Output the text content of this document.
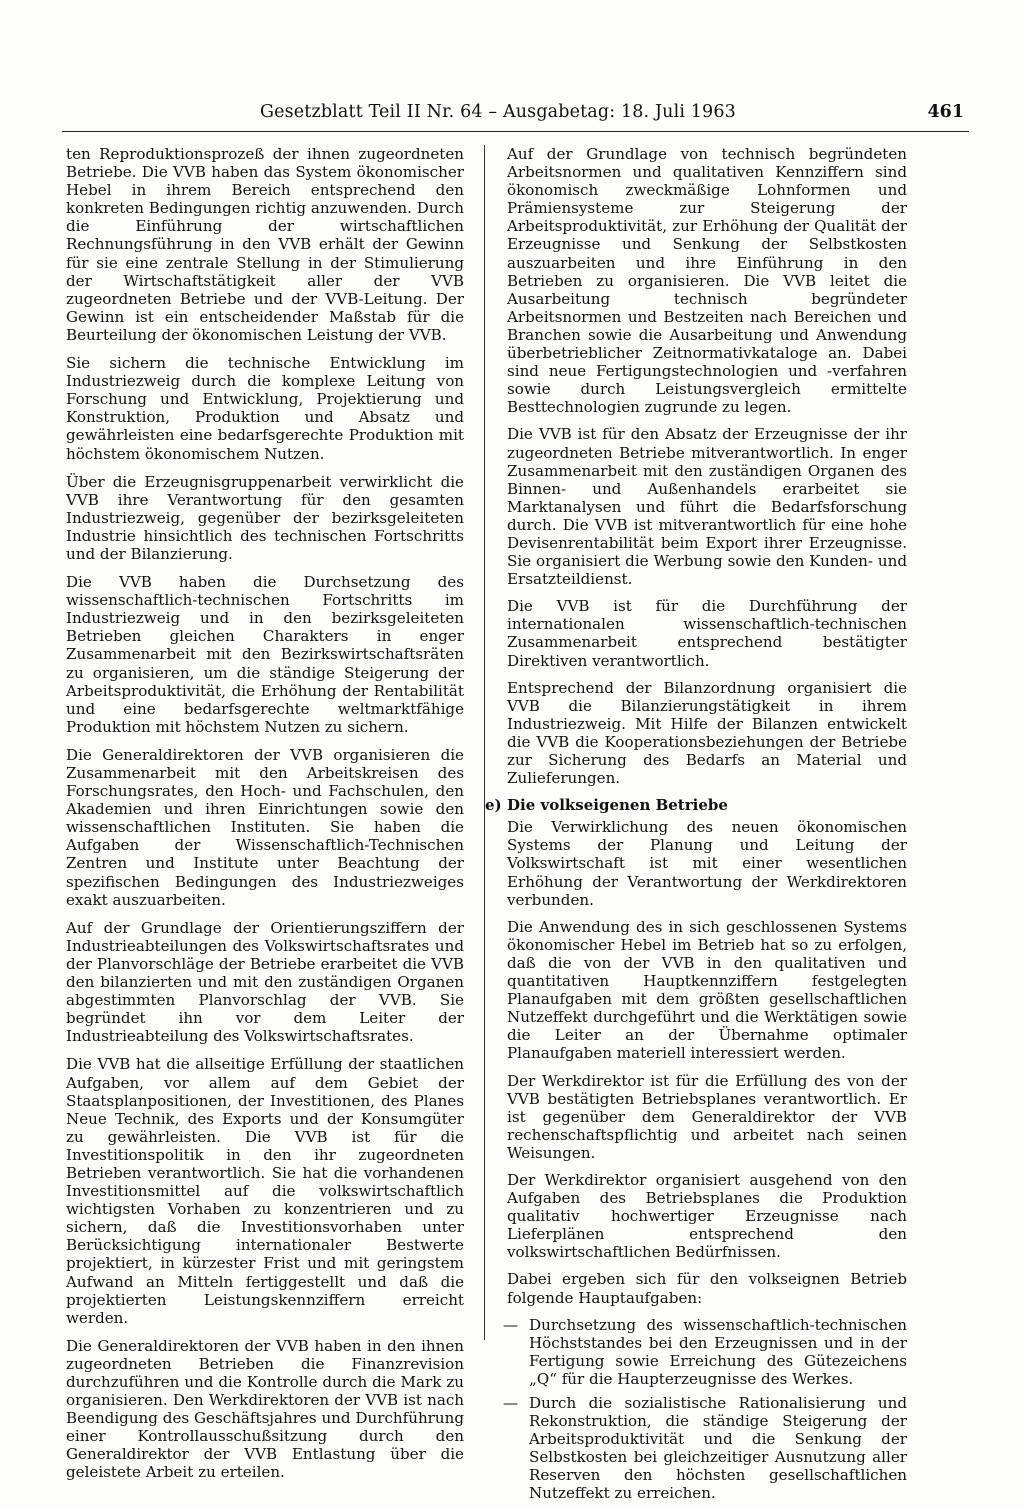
Gesetzblatt Teil II Nr. 64 – Ausgabetag: 18. Juli 1963	461

ten Reproduktionsprozeß der ihnen zugeordneten Betriebe. Die VVB haben das System ökonomischer Hebel in ihrem Bereich entsprechend den konkreten Bedingungen richtig anzuwenden. Durch die Einführung der wirtschaftlichen Rechnungsführung in den VVB erhält der Gewinn für sie eine zentrale Stellung in der Stimulierung der Wirtschaftstätigkeit aller der VVB zugeordneten Betriebe und der VVB-Leitung. Der Gewinn ist ein entscheidender Maßstab für die Beurteilung der ökonomischen Leistung der VVB.

Sie sichern die technische Entwicklung im Industriezweig durch die komplexe Leitung von Forschung und Entwicklung, Projektierung und Konstruktion, Produktion und Absatz und gewährleisten eine bedarfsgerechte Produktion mit höchstem ökonomischem Nutzen.

Über die Erzeugnisgruppenarbeit verwirklicht die VVB ihre Verantwortung für den gesamten Industriezweig, gegenüber der bezirksgeleiteten Industrie hinsichtlich des technischen Fortschritts und der Bilanzierung.

Die VVB haben die Durchsetzung des wissenschaftlich-technischen Fortschritts im Industriezweig und in den bezirksgeleiteten Betrieben gleichen Charakters in enger Zusammenarbeit mit den Bezirkswirtschaftsräten zu organisieren, um die ständige Steigerung der Arbeitsproduktivität, die Erhöhung der Rentabilität und eine bedarfsgerechte weltmarktfähige Produktion mit höchstem Nutzen zu sichern.

Die Generaldirektoren der VVB organisieren die Zusammenarbeit mit den Arbeitskreisen des Forschungsrates, den Hoch- und Fachschulen, den Akademien und ihren Einrichtungen sowie den wissenschaftlichen Instituten. Sie haben die Aufgaben der Wissenschaftlich-Technischen Zentren und Institute unter Beachtung der spezifischen Bedingungen des Industriezweiges exakt auszuarbeiten.

Auf der Grundlage der Orientierungsziffern der Industrieabteilungen des Volkswirtschaftsrates und der Planvorschläge der Betriebe erarbeitet die VVB den bilanzierten und mit den zuständigen Organen abgestimmten Planvorschlag der VVB. Sie begründet ihn vor dem Leiter der Industrieabteilung des Volkswirtschaftsrates.

Die VVB hat die allseitige Erfüllung der staatlichen Aufgaben, vor allem auf dem Gebiet der Staatsplanpositionen, der Investitionen, des Planes Neue Technik, des Exports und der Konsumgüter zu gewährleisten. Die VVB ist für die Investitionspolitik in den ihr zugeordneten Betrieben verantwortlich. Sie hat die vorhandenen Investitionsmittel auf die volkswirtschaftlich wichtigsten Vorhaben zu konzentrieren und zu sichern, daß die Investitionsvorhaben unter Berücksichtigung internationaler Bestwerte projektiert, in kürzester Frist und mit geringstem Aufwand an Mitteln fertiggestellt und daß die projektierten Leistungskennziffern erreicht werden.

Die Generaldirektoren der VVB haben in den ihnen zugeordneten Betrieben die Finanzrevision durchzuführen und die Kontrolle durch die Mark zu organisieren. Den Werkdirektoren der VVB ist nach Beendigung des Geschäftsjahres und Durchführung einer Kontrollausschußsitzung durch den Generaldirektor der VVB Entlastung über die geleistete Arbeit zu erteilen.

Auf der Grundlage von technisch begründeten Arbeitsnormen und qualitativen Kennziffern sind ökonomisch zweckmäßige Lohnformen und Prämiensysteme zur Steigerung der Arbeitsproduktivität, zur Erhöhung der Qualität der Erzeugnisse und Senkung der Selbstkosten auszuarbeiten und ihre Einführung in den Betrieben zu organisieren. Die VVB leitet die Ausarbeitung technisch begründeter Arbeitsnormen und Bestzeiten nach Bereichen und Branchen sowie die Ausarbeitung und Anwendung überbetrieblicher Zeitnormativkataloge an. Dabei sind neue Fertigungstechnologien und -verfahren sowie durch Leistungsvergleich ermittelte Besttechnologien zugrunde zu legen.

Die VVB ist für den Absatz der Erzeugnisse der ihr zugeordneten Betriebe mitverantwortlich. In enger Zusammenarbeit mit den zuständigen Organen des Binnen- und Außenhandels erarbeitet sie Marktanalysen und führt die Bedarfsforschung durch. Die VVB ist mitverantwortlich für eine hohe Devisenrentabilität beim Export ihrer Erzeugnisse. Sie organisiert die Werbung sowie den Kunden- und Ersatzteildienst.

Die VVB ist für die Durchführung der internationalen wissenschaftlich-technischen Zusammenarbeit entsprechend bestätigter Direktiven verantwortlich.

Entsprechend der Bilanzordnung organisiert die VVB die Bilanzierungstätigkeit in ihrem Industriezweig. Mit Hilfe der Bilanzen entwickelt die VVB die Kooperationsbeziehungen der Betriebe zur Sicherung des Bedarfs an Material und Zulieferungen.

e) Die volkseigenen Betriebe

Die Verwirklichung des neuen ökonomischen Systems der Planung und Leitung der Volkswirtschaft ist mit einer wesentlichen Erhöhung der Verantwortung der Werkdirektoren verbunden.

Die Anwendung des in sich geschlossenen Systems ökonomischer Hebel im Betrieb hat so zu erfolgen, daß die von der VVB in den qualitativen und quantitativen Hauptkennziffern festgelegten Planaufgaben mit dem größten gesellschaftlichen Nutzeffekt durchgeführt und die Werktätigen sowie die Leiter an der Übernahme optimaler Planaufgaben materiell interessiert werden.

Der Werkdirektor ist für die Erfüllung des von der VVB bestätigten Betriebsplanes verantwortlich. Er ist gegenüber dem Generaldirektor der VVB rechenschaftspflichtig und arbeitet nach seinen Weisungen.

Der Werkdirektor organisiert ausgehend von den Aufgaben des Betriebsplanes die Produktion qualitativ hochwertiger Erzeugnisse nach Lieferplänen entsprechend den volkswirtschaftlichen Bedürfnissen.

Dabei ergeben sich für den volkseignen Betrieb folgende Hauptaufgaben:

— Durchsetzung des wissenschaftlich-technischen Höchststandes bei den Erzeugnissen und in der Fertigung sowie Erreichung des Gütezeichens „Q“ für die Haupterzeugnisse des Werkes.
— Durch die sozialistische Rationalisierung und Rekonstruktion, die ständige Steigerung der Arbeitsproduktivität und die Senkung der Selbstkosten bei gleichzeitiger Ausnutzung aller Reserven den höchsten gesellschaftlichen Nutzeffekt zu erreichen.
